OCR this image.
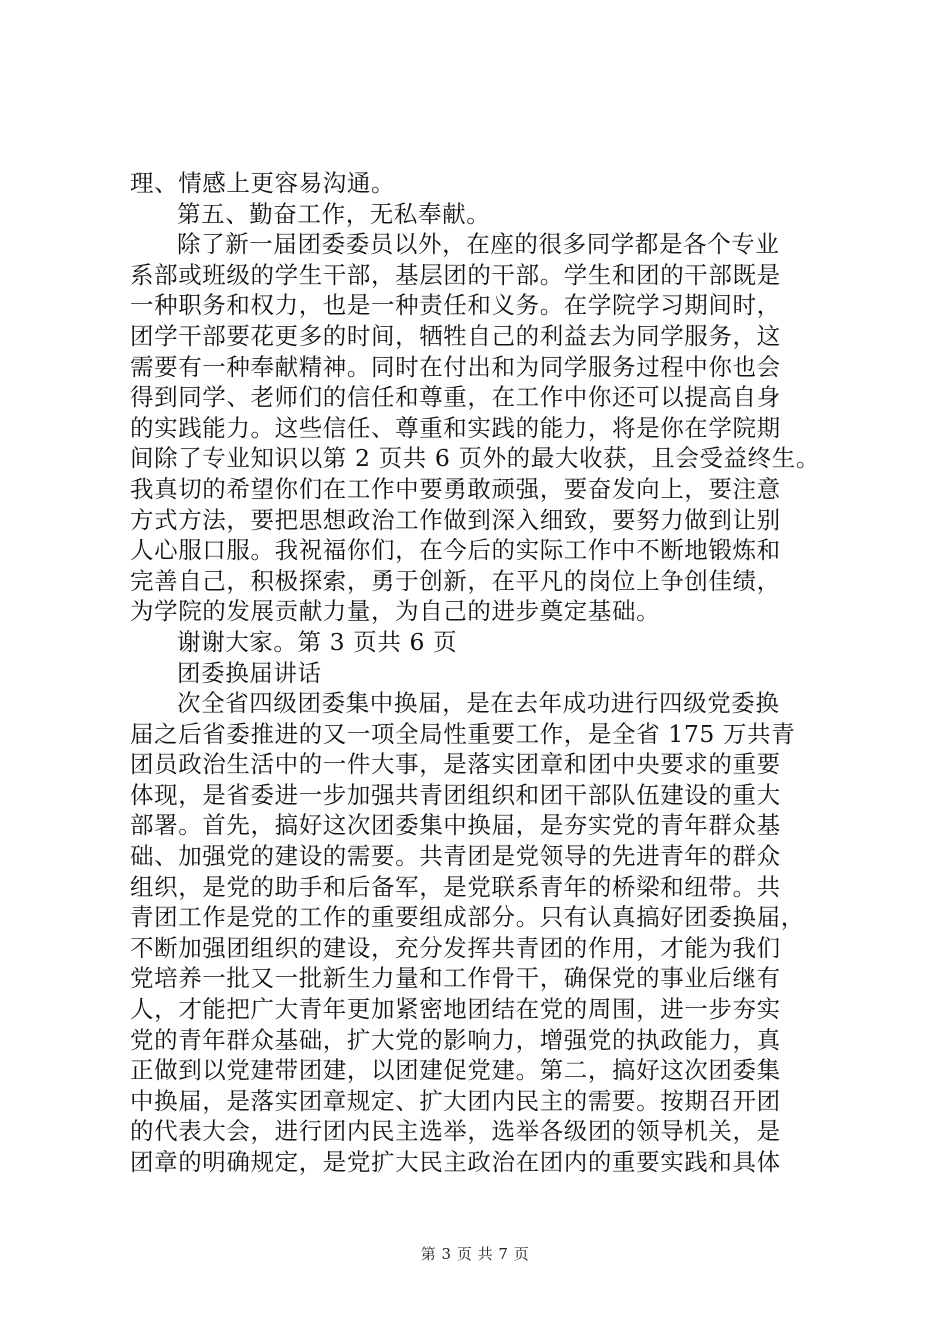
理、情感上更容易沟通。
第五、勤奋工作，无私奉献。
除了新一届团委委员以外，在座的很多同学都是各个专业
系部或班级的学生干部，基层团的干部。学生和团的干部既是
一种职务和权力，也是一种责任和义务。在学院学习期间时，
团学干部要花更多的时间，牺牲自己的利益去为同学服务，这
需要有一种奉献精神。同时在付出和为同学服务过程中你也会
得到同学、老师们的信任和尊重，在工作中你还可以提高自身
的实践能力。这些信任、尊重和实践的能力，将是你在学院期
间除了专业知识以第 2 页共 6 页外的最大收获，且会受益终生。
我真切的希望你们在工作中要勇敢顽强，要奋发向上，要注意
方式方法，要把思想政治工作做到深入细致，要努力做到让别
人心服口服。我祝福你们，在今后的实际工作中不断地锻炼和
完善自己，积极探索，勇于创新，在平凡的岗位上争创佳绩，
为学院的发展贡献力量，为自己的进步奠定基础。
谢谢大家。第 3 页共 6 页
团委换届讲话
次全省四级团委集中换届，是在去年成功进行四级党委换
届之后省委推进的又一项全局性重要工作，是全省 175 万共青
团员政治生活中的一件大事，是落实团章和团中央要求的重要
体现，是省委进一步加强共青团组织和团干部队伍建设的重大
部署。首先，搞好这次团委集中换届，是夯实党的青年群众基
础、加强党的建设的需要。共青团是党领导的先进青年的群众
组织，是党的助手和后备军，是党联系青年的桥梁和纽带。共
青团工作是党的工作的重要组成部分。只有认真搞好团委换届，
不断加强团组织的建设，充分发挥共青团的作用，才能为我们
党培养一批又一批新生力量和工作骨干，确保党的事业后继有
人，才能把广大青年更加紧密地团结在党的周围，进一步夯实
党的青年群众基础，扩大党的影响力，增强党的执政能力，真
正做到以党建带团建，以团建促党建。第二，搞好这次团委集
中换届，是落实团章规定、扩大团内民主的需要。按期召开团
的代表大会，进行团内民主选举，选举各级团的领导机关，是
团章的明确规定，是党扩大民主政治在团内的重要实践和具体
第 3 页 共 7 页
